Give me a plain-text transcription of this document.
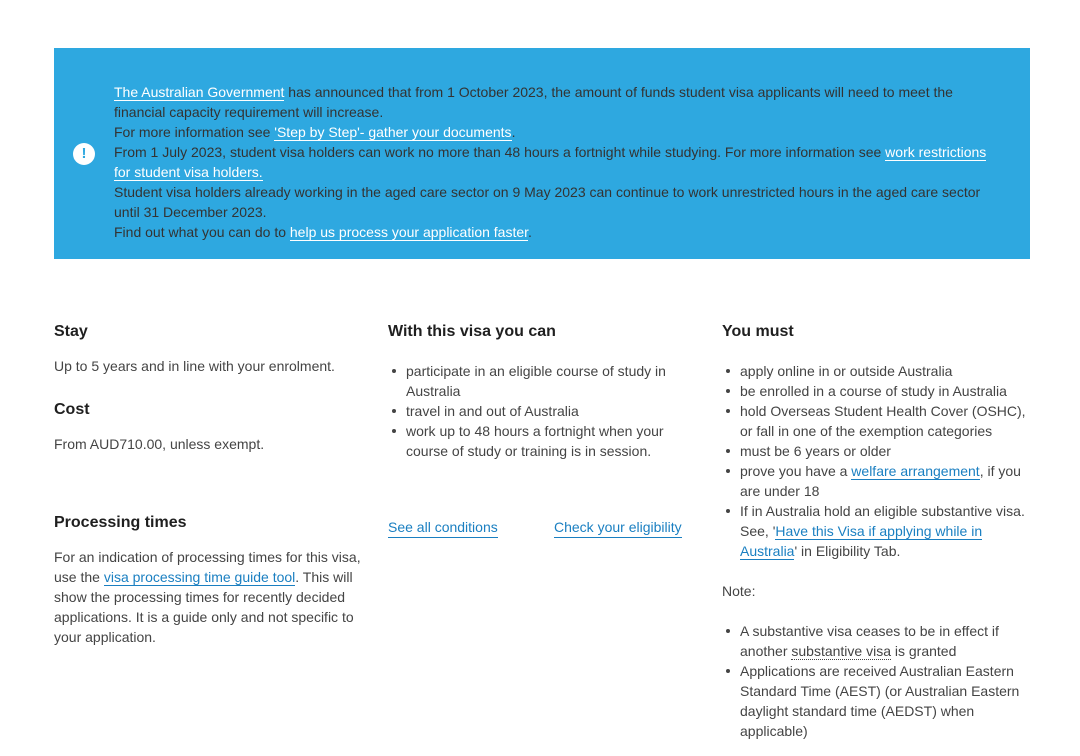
!

The Australian Government has announced that from 1 October 2023, the amount of funds student visa applicants will need to meet the financial capacity requirement will increase.

For more information see 'Step by Step'- gather your documents.

From 1 July 2023, student visa holders can work no more than 48 hours a fortnight while studying. For more information see work restrictions for student visa holders.

Student visa holders already working in the aged care sector on 9 May 2023 can continue to work unrestricted hours in the aged care sector until 31 December 2023.

Find out what you can do to help us process your application faster.

Stay

Up to 5 years and in line with your enrolment.

Cost

From AUD710.00, unless exempt.

Processing times

For an indication of processing times for this visa, use the visa processing time guide tool. This will show the processing times for recently decided applications. It is a guide only and not specific to your application.

With this visa you can
participate in an eligible course of study in Australia
travel in and out of Australia
work up to 48 hours a fortnight when your course of study or training is in session.
See all conditions	Check your eligibility
You must
apply online in or outside Australia
be enrolled in a course of study in Australia
hold Overseas Student Health Cover (OSHC), or fall in one of the exemption categories
must be 6 years or older
prove you have a welfare arrangement, if you are under 18
If in Australia hold an eligible substantive visa. See, 'Have this Visa if applying while in Australia' in Eligibility Tab.

Note:

A substantive visa ceases to be in effect if another substantive visa is granted
Applications are received Australian Eastern Standard Time (AEST) (or Australian Eastern daylight standard time (AEDST) when applicable)
